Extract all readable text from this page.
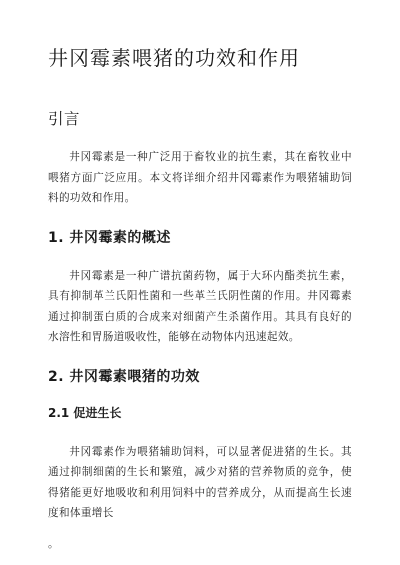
井冈霉素喂猪的功效和作用
引言

井冈霉素是一种广泛用于畜牧业的抗生素，其在畜牧业中喂猪方面广泛应用。本文将详细介绍井冈霉素作为喂猪辅助饲料的功效和作用。

1. 井冈霉素的概述

井冈霉素是一种广谱抗菌药物，属于大环内酯类抗生素，具有抑制革兰氏阳性菌和一些革兰氏阴性菌的作用。井冈霉素通过抑制蛋白质的合成来对细菌产生杀菌作用。其具有良好的水溶性和胃肠道吸收性，能够在动物体内迅速起效。

2. 井冈霉素喂猪的功效
2.1 促进生长

井冈霉素作为喂猪辅助饲料，可以显著促进猪的生长。其通过抑制细菌的生长和繁殖，减少对猪的营养物质的竞争，使得猪能更好地吸收和利用饲料中的营养成分，从而提高生长速度和体重增长

。
